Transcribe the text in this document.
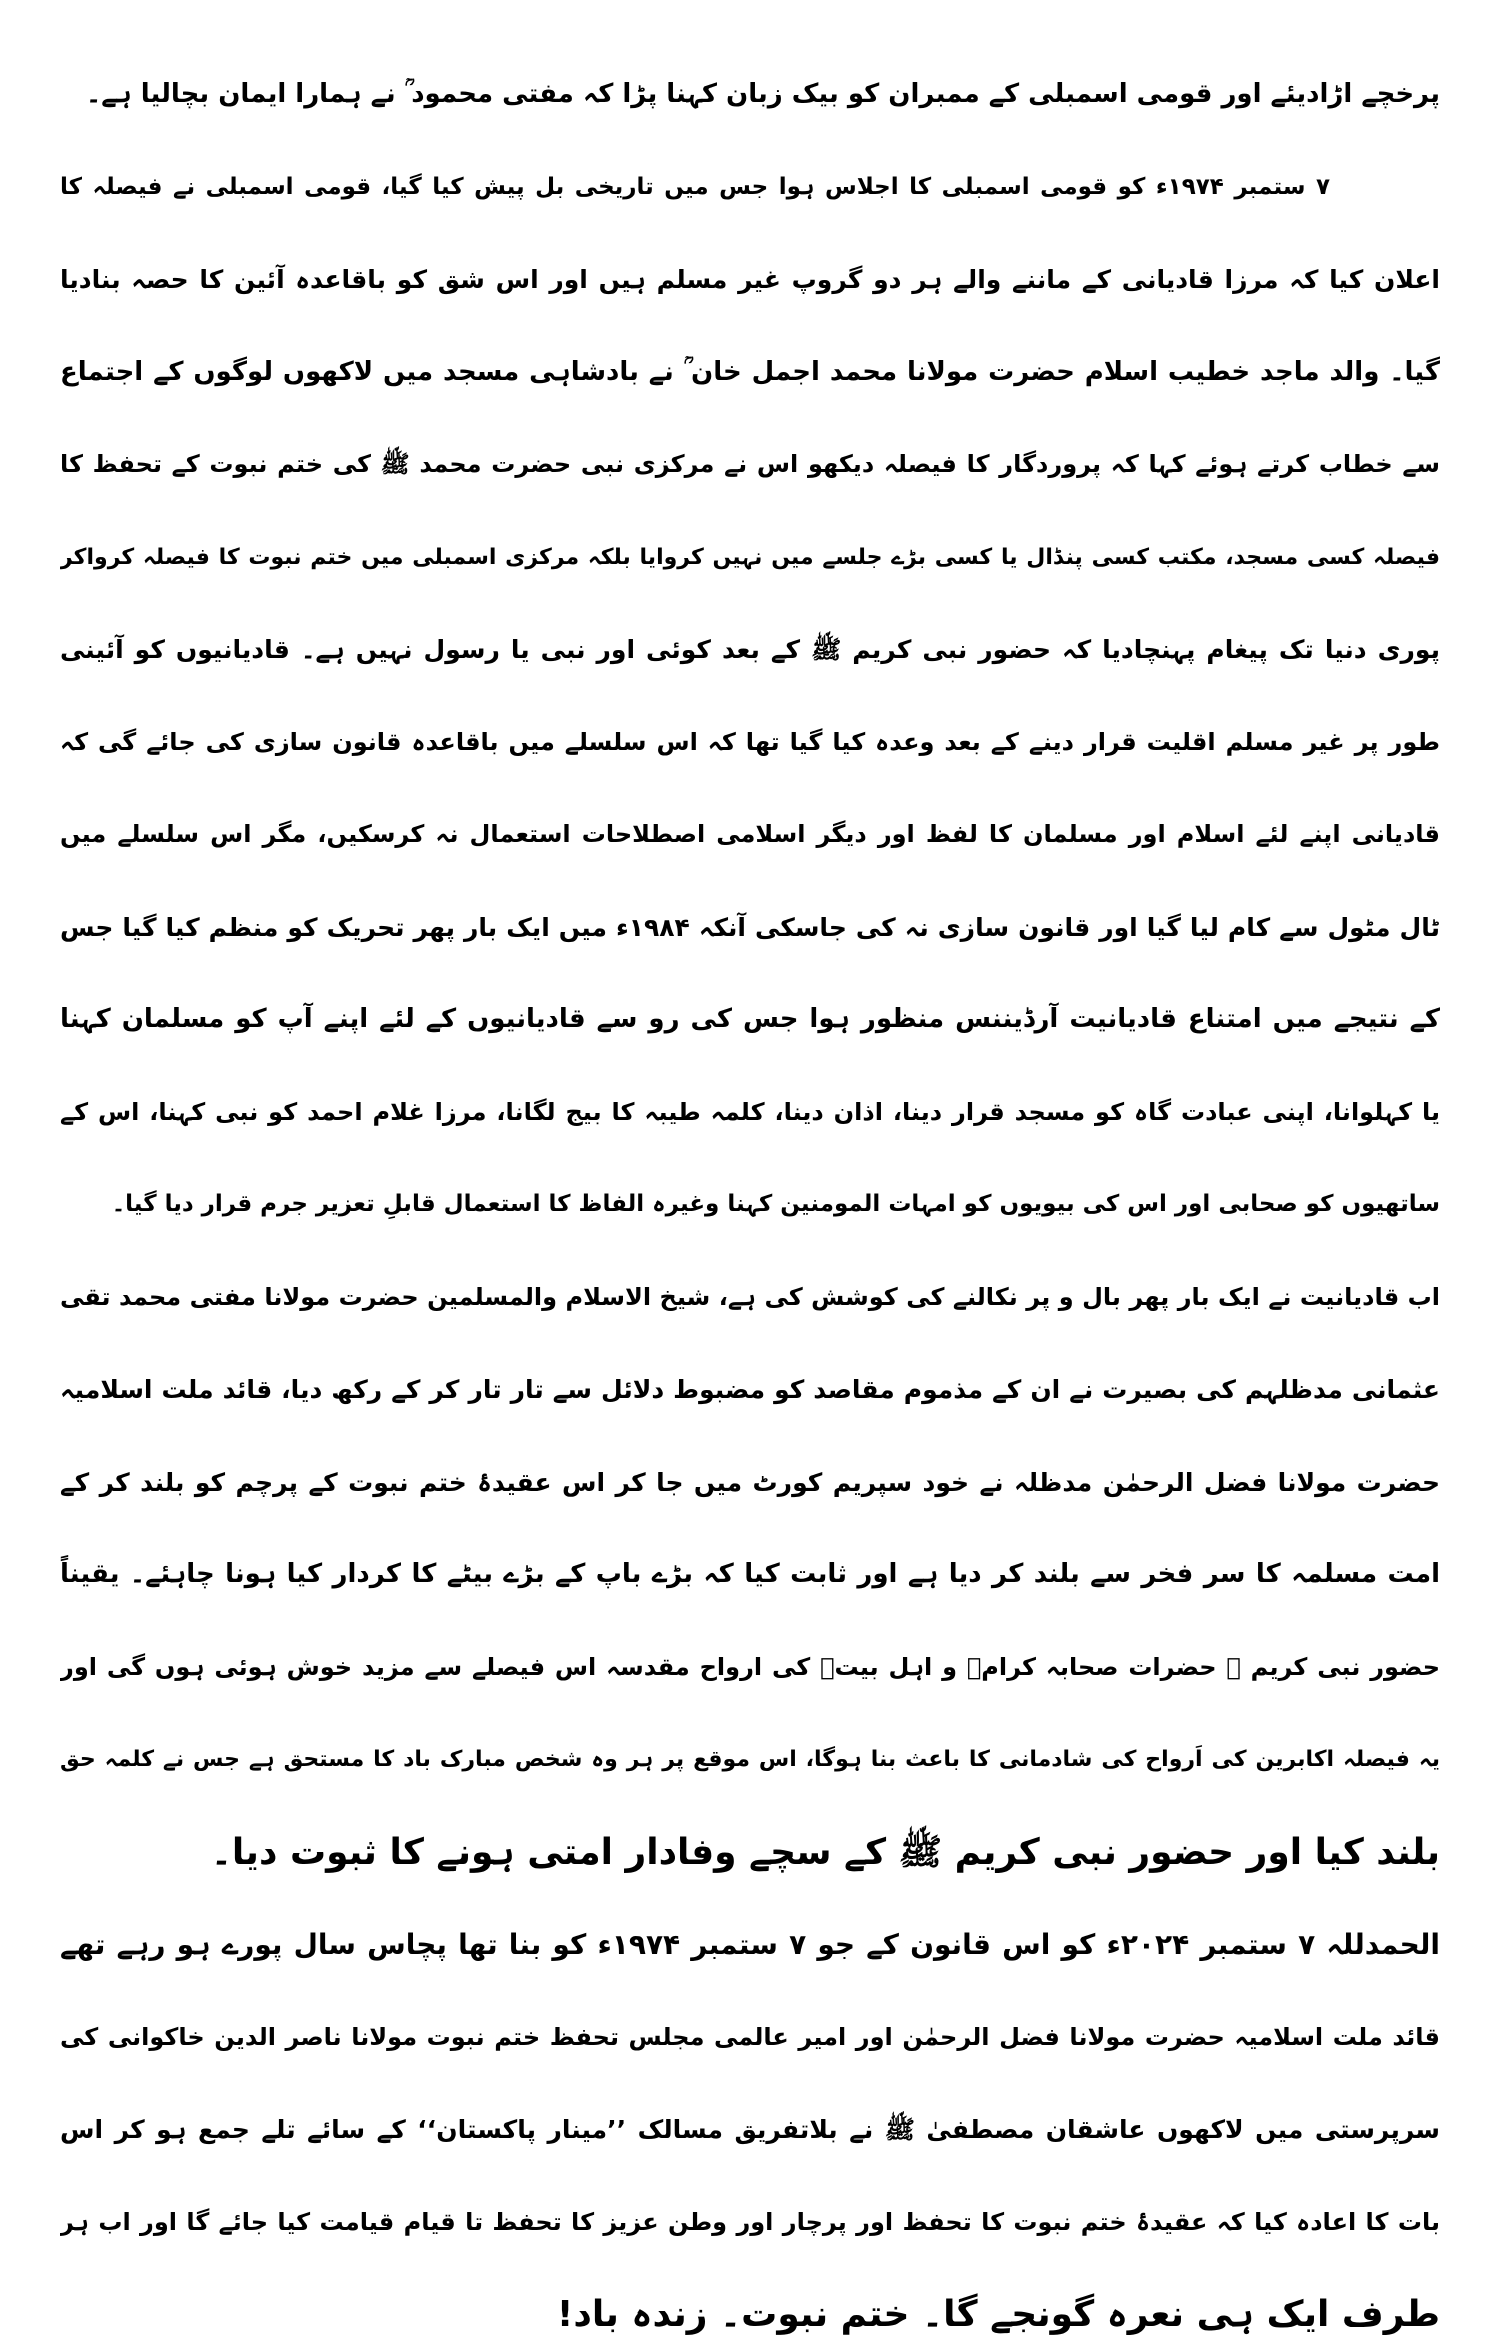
پرخچے اڑادیئے اور قومی اسمبلی کے ممبران کو بیک زبان کہنا پڑا کہ مفتی محمود ؒ نے ہمارا ایمان بچالیا ہے۔
۷ ستمبر ۱۹۷۴ء کو قومی اسمبلی کا اجلاس ہوا جس میں تاریخی بل پیش کیا گیا، قومی اسمبلی نے فیصلہ کا
اعلان کیا کہ مرزا قادیانی کے ماننے والے ہر دو گروپ غیر مسلم ہیں اور اس شق کو باقاعدہ آئین کا حصہ بنادیا
گیا۔ والد ماجد خطیب اسلام حضرت مولانا محمد اجمل خان ؒ نے بادشاہی مسجد میں لاکھوں لوگوں کے اجتماع
سے خطاب کرتے ہوئے کہا کہ پروردگار کا فیصلہ دیکھو اس نے مرکزی نبی حضرت محمد ﷺ کی ختم نبوت کے تحفظ کا
فیصلہ کسی مسجد، مکتب کسی پنڈال یا کسی بڑے جلسے میں نہیں کروایا بلکہ مرکزی اسمبلی میں ختم نبوت کا فیصلہ کرواکر
پوری دنیا تک پیغام پہنچادیا کہ حضور نبی کریم ﷺ کے بعد کوئی اور نبی یا رسول نہیں ہے۔ قادیانیوں کو آئینی
طور پر غیر مسلم اقلیت قرار دینے کے بعد وعدہ کیا گیا تھا کہ اس سلسلے میں باقاعدہ قانون سازی کی جائے گی کہ
قادیانی اپنے لئے اسلام اور مسلمان کا لفظ اور دیگر اسلامی اصطلاحات استعمال نہ کرسکیں، مگر اس سلسلے میں
ٹال مٹول سے کام لیا گیا اور قانون سازی نہ کی جاسکی آنکہ ۱۹۸۴ء میں ایک بار پھر تحریک کو منظم کیا گیا جس
کے نتیجے میں امتناع قادیانیت آرڈیننس منظور ہوا جس کی رو سے قادیانیوں کے لئے اپنے آپ کو مسلمان کہنا
یا کہلوانا، اپنی عبادت گاہ کو مسجد قرار دینا، اذان دینا، کلمہ طیبہ کا بیج لگانا، مرزا غلام احمد کو نبی کہنا، اس کے
ساتھیوں کو صحابی اور اس کی بیویوں کو امہات المومنین کہنا وغیرہ الفاظ کا استعمال قابلِ تعزیر جرم قرار دیا گیا۔
اب قادیانیت نے ایک بار پھر بال و پر نکالنے کی کوشش کی ہے، شیخ الاسلام والمسلمین حضرت مولانا مفتی محمد تقی
عثمانی مدظلہم کی بصیرت نے ان کے مذموم مقاصد کو مضبوط دلائل سے تار تار کر کے رکھ دیا، قائد ملت اسلامیہ
حضرت مولانا فضل الرحمٰن مدظلہ نے خود سپریم کورٹ میں جا کر اس عقیدۂ ختم نبوت کے پرچم کو بلند کر کے
امت مسلمہ کا سر فخر سے بلند کر دیا ہے اور ثابت کیا کہ بڑے باپ کے بڑے بیٹے کا کردار کیا ہونا چاہئے۔ یقیناً
حضور نبی کریم ﷺ حضرات صحابہ کرامؓ و اہل بیتؓ کی ارواح مقدسہ اس فیصلے سے مزید خوش ہوئی ہوں گی اور
یہ فیصلہ اکابرین کی اَرواح کی شادمانی کا باعث بنا ہوگا، اس موقع پر ہر وہ شخص مبارک باد کا مستحق ہے جس نے کلمہ حق
بلند کیا اور حضور نبی کریم ﷺ کے سچے وفادار امتی ہونے کا ثبوت دیا۔
الحمدللہ ۷ ستمبر ۲۰۲۴ء کو اس قانون کے جو ۷ ستمبر ۱۹۷۴ء کو بنا تھا پچاس سال پورے ہو رہے تھے
قائد ملت اسلامیہ حضرت مولانا فضل الرحمٰن اور امیر عالمی مجلس تحفظ ختم نبوت مولانا ناصر الدین خاکوانی کی
سرپرستی میں لاکھوں عاشقان مصطفیٰ ﷺ نے بلاتفریق مسالک ’’مینار پاکستان‘‘ کے سائے تلے جمع ہو کر اس
بات کا اعادہ کیا کہ عقیدۂ ختم نبوت کا تحفظ اور پرچار اور وطن عزیز کا تحفظ تا قیام قیامت کیا جائے گا اور اب ہر
طرف ایک ہی نعرہ گونجے گا۔ ختم نبوت۔ زندہ باد!
